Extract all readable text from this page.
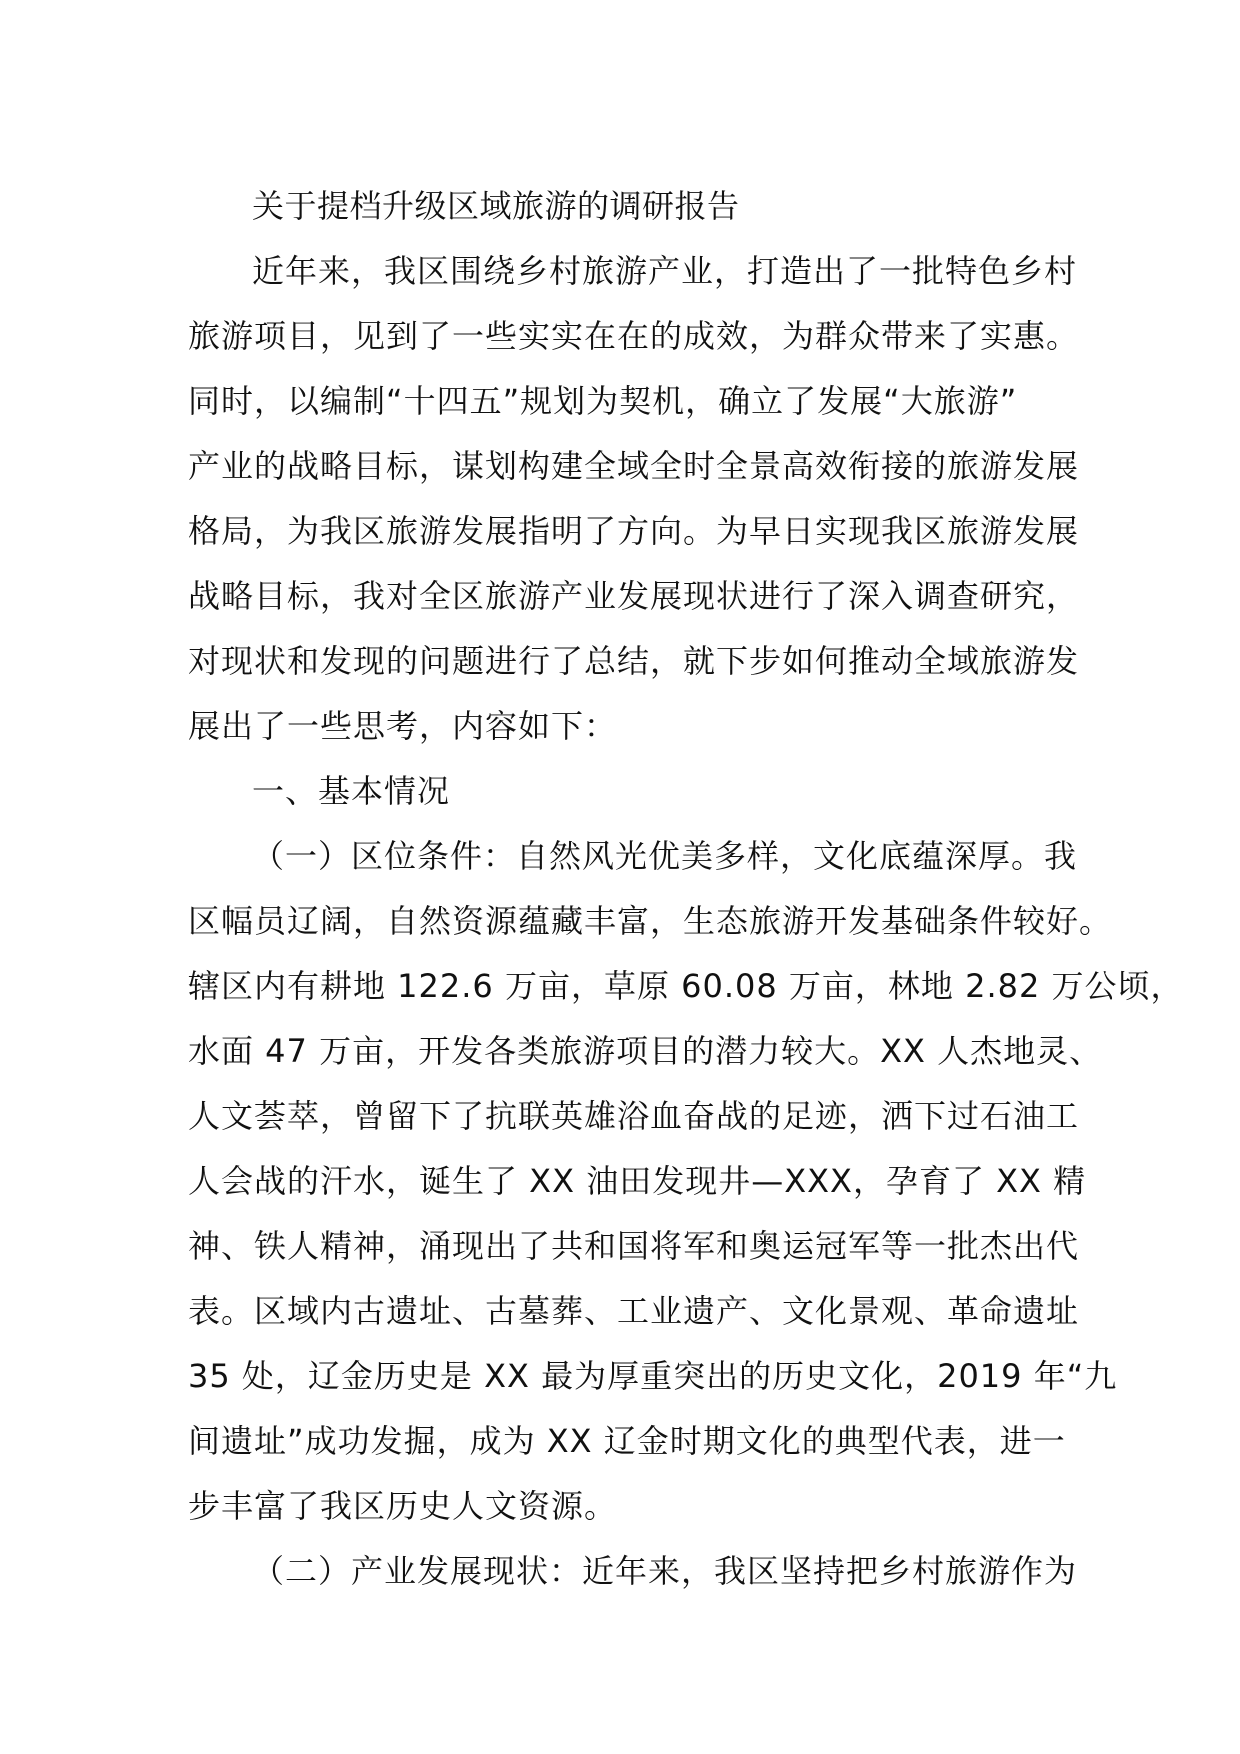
关于提档升级区域旅游的调研报告
近年来，我区围绕乡村旅游产业，打造出了一批特色乡村
旅游项目，见到了一些实实在在的成效，为群众带来了实惠。
同时，以编制“十四五”规划为契机，确立了发展“大旅游”
产业的战略目标，谋划构建全域全时全景高效衔接的旅游发展
格局，为我区旅游发展指明了方向。为早日实现我区旅游发展
战略目标，我对全区旅游产业发展现状进行了深入调查研究，
对现状和发现的问题进行了总结，就下步如何推动全域旅游发
展出了一些思考，内容如下：
一、基本情况
（一）区位条件：自然风光优美多样，文化底蕴深厚。我
区幅员辽阔，自然资源蕴藏丰富，生态旅游开发基础条件较好。
辖区内有耕地 122.6 万亩，草原 60.08 万亩，林地 2.82 万公顷，
水面 47 万亩，开发各类旅游项目的潜力较大。XX 人杰地灵、
人文荟萃，曾留下了抗联英雄浴血奋战的足迹，洒下过石油工
人会战的汗水，诞生了 XX 油田发现井—XXX，孕育了 XX 精
神、铁人精神，涌现出了共和国将军和奥运冠军等一批杰出代
表。区域内古遗址、古墓葬、工业遗产、文化景观、革命遗址
35 处，辽金历史是 XX 最为厚重突出的历史文化，2019 年“九
间遗址”成功发掘，成为 XX 辽金时期文化的典型代表，进一
步丰富了我区历史人文资源。
（二）产业发展现状：近年来，我区坚持把乡村旅游作为
